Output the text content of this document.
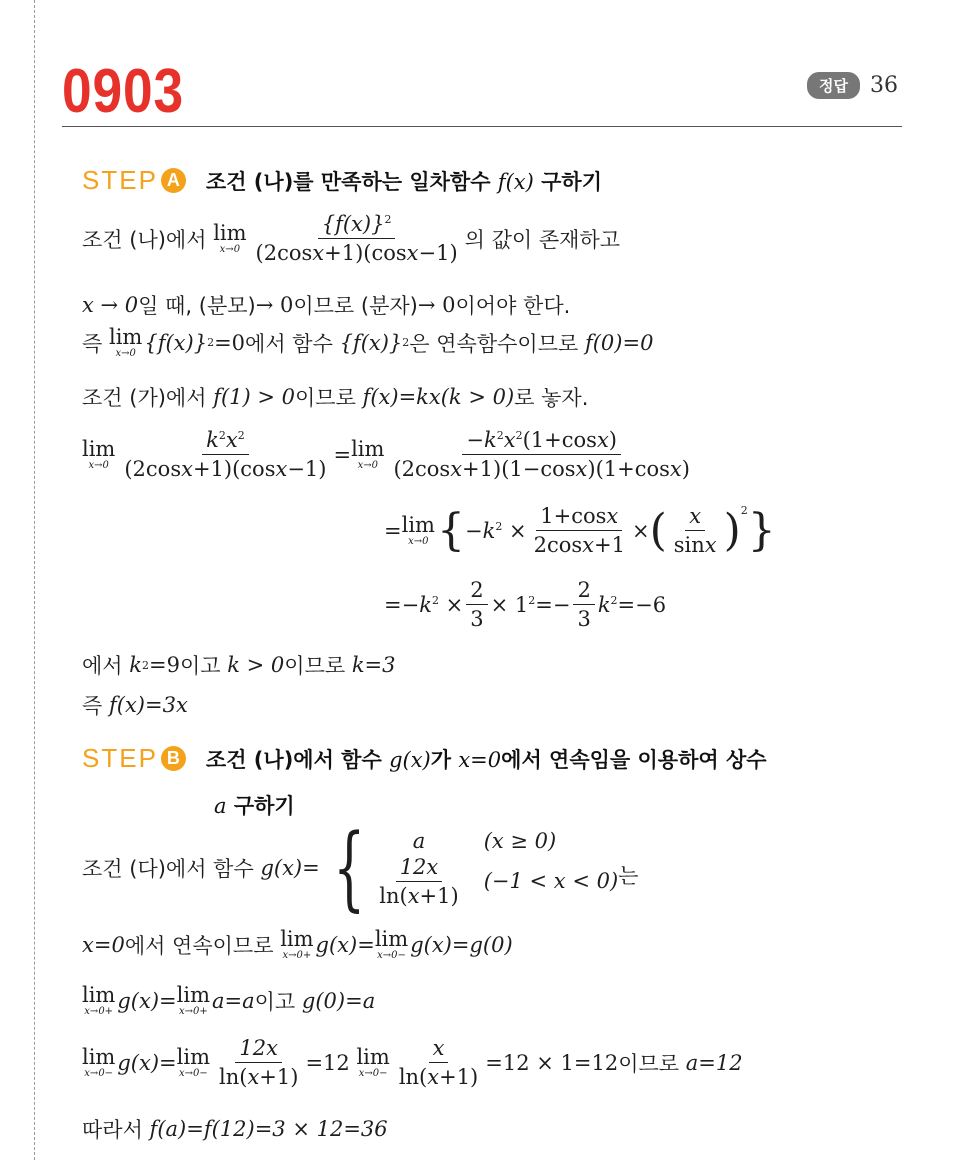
0903	정답	36
STEP A 조건 (나)를 만족하는 일차함수 f(x) 구하기
조건 (나)에서
lim
$x\to 0 \frac{\{f(x)\}^2}{(2\cos x+1)(\cos x-1)}$ 의 값이 존재하고
x → 0 일 때, (분모) → 0 이므로 (분자) → 0 이어야 한다.
즉
lim
x→0 {f(x)} 2 =0 에서 함수
{f(x)} 2 은 연속함수이므로
f(0)=0
조건 (가)에서
f(1) > 0 이므로
f(x)=kx(k > 0) 로 놓자.
lim
$x\to 0 \frac{k^2x^2}{(2\cos x+1)(\cos x-1)} = \lim$
$x\to 0 \frac{-k^2x^2(1+\cos x)}{(2\cos x+1)(1-\cos x)(1+\cos x)}$
= lim
x→0 { $-k^2 \times \frac{1+\cos x}{2\cos x+1}$ × ( $\frac{x}{\sin x} )^2$ }
$=-k^2 \times \frac{2}{3} \times 1^2=- \frac{2}{3} k^2=-6$
에서
k 2 =9 이고
k > 0 이므로
k=3
즉
f(x)=3x
STEP B 조건 (나)에서 함수 g(x)가 x=0에서 연속임을 이용하여 상수
a 구하기
조건 (다)에서 함수
g(x)= {	a	(x ≥ 0)
$\frac{12x}{\ln(x+1)} (-1 < x < 0)$ 는
x=0 에서 연속이므로
lim
x→0+ g(x)= lim
x→0− g(x)=g(0)
lim
x→0+ g(x)= lim
x→0+ a=a 이고
g(0)=a
lim
x→0− g(x)= lim
$x\to 0- \frac{12x}{\ln(x+1)} =12$
lim
$x\to 0- \frac{x}{\ln(x+1)} =12 \times 1=12$ 이므로
a=12
따라서
f(a)=f(12)=3 × 12=36
